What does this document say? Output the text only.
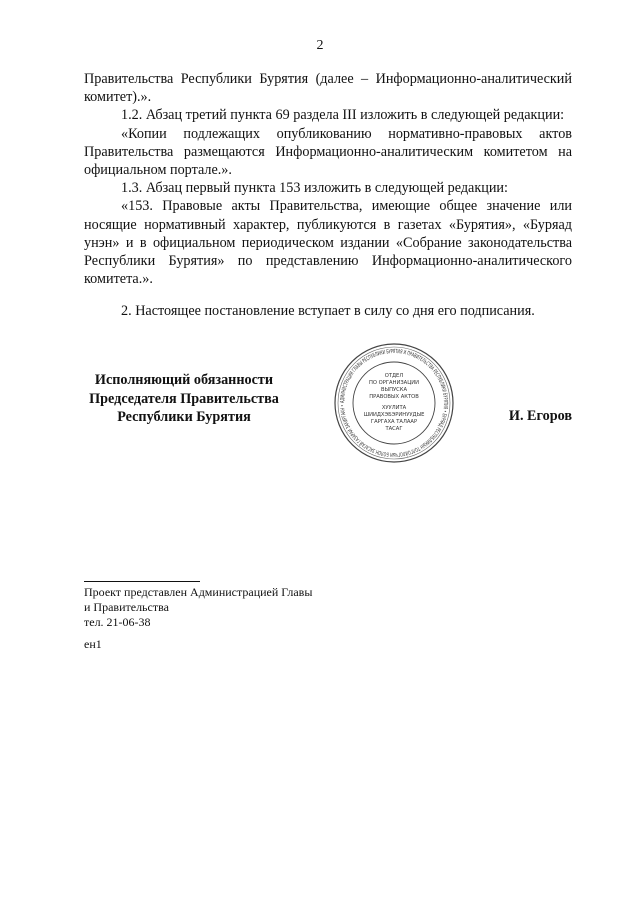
2

Правительства Республики Бурятия (далее – Информационно-аналитический комитет).».

1.2. Абзац третий пункта 69 раздела III изложить в следующей редакции:

«Копии подлежащих опубликованию нормативно-правовых актов Правительства размещаются Информационно-аналитическим комитетом на официальном портале.».

1.3. Абзац первый пункта 153 изложить в следующей редакции:

«153. Правовые акты Правительства, имеющие общее значение или носящие нормативный характер, публикуются в газетах «Бурятия», «Буряад унэн» и в официальном периодическом издании «Собрание законодательства Республики Бурятия» по представлению Информационно-аналитического комитета.».

2. Настоящее постановление вступает в силу со дня его подписания.

Исполняющий обязанности
Председателя Правительства
Республики Бурятия
АДМИНИСТРАЦИЯ ГЛАВЫ РЕСПУБЛИКИ БУРЯТИЯ И ПРАВИТЕЛЬСТВА РЕСПУБЛИКИ БУРЯТИЯ • БУРЯАД РЕСПУБЛИКЫН ТОЛГОЙЛОГЧЫН БОЛОН ЗАСАГАЙ ГАЗАРАЙ ЗАХИРГААН •
ОТДЕЛ
ПО ОРГАНИЗАЦИИ
ВЫПУСКА
ПРАВОВЫХ АКТОВ
ХУУЛИТА
ШИИДХЭБЭРИНУУДЫЕ
ГАРГАХА ТАЛААР
ТАСАГ
И. Егоров
Проект представлен Администрацией Главы
и Правительства
тел. 21-06-38
ен1
